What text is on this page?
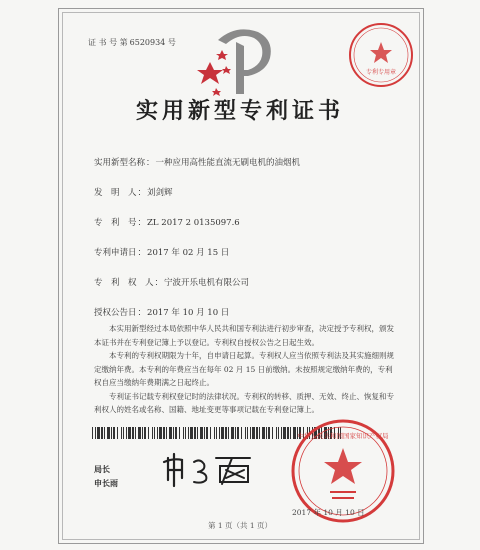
证 书 号 第 6520934 号
专利专用章
实用新型专利证书
实用新型名称：一种应用高性能直流无刷电机的油烟机
发　明　人：刘剑辉
专　利　号：ZL 2017 2 0135097.6
专利申请日：2017 年 02 月 15 日
专　利　权　人：宁波开乐电机有限公司
授权公告日：2017 年 10 月 10 日

本实用新型经过本局依照中华人民共和国专利法进行初步审查，决定授予专利权，颁发本证书并在专利登记簿上予以登记。专利权自授权公告之日起生效。

本专利的专利权期限为十年，自申请日起算。专利权人应当依照专利法及其实施细则规定缴纳年费。本专利的年费应当在每年 02 月 15 日前缴纳。未按照规定缴纳年费的，专利权自应当缴纳年费期满之日起终止。

专利证书记载专利权登记时的法律状况。专利权的转移、质押、无效、终止、恢复和专利权人的姓名或名称、国籍、地址变更等事项记载在专利登记簿上。

局长
申长雨
中华人民共和国国家知识产权局
2017 年 10 月 10 日
第 1 页（共 1 页）
